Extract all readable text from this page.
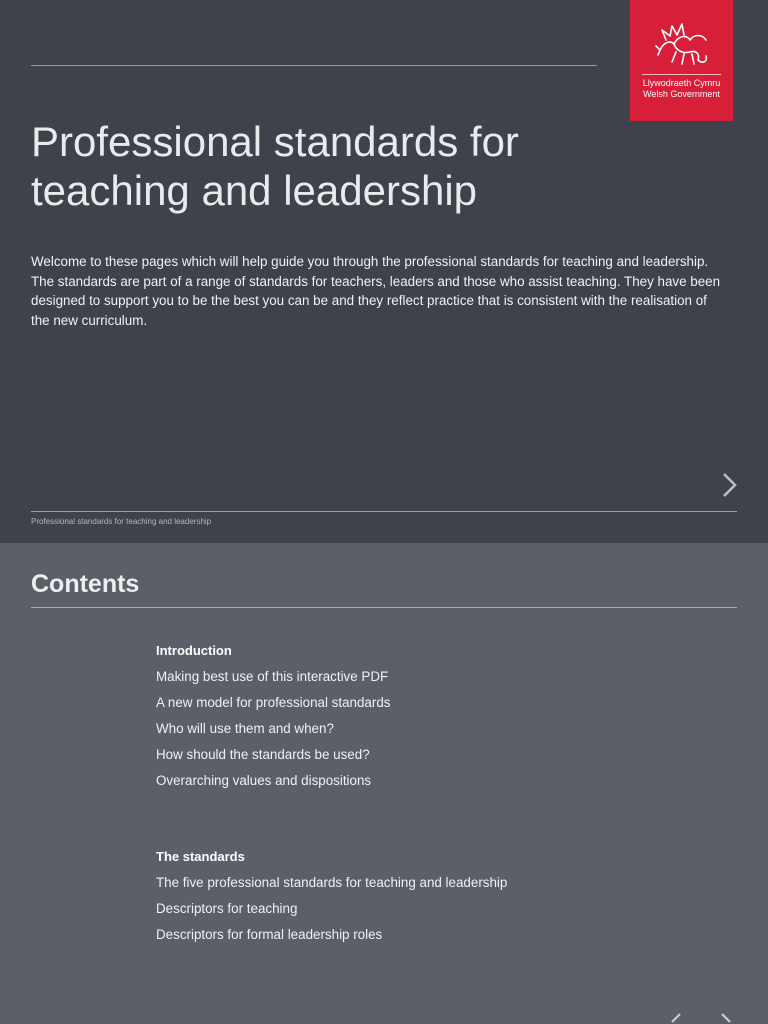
Llywodraeth Cymru
Welsh Government
Professional standards for teaching and leadership

Welcome to these pages which will help guide you through the professional standards for teaching and leadership. The standards are part of a range of standards for teachers, leaders and those who assist teaching. They have been designed to support you to be the best you can be and they reflect practice that is consistent with the realisation of the new curriculum.

Professional standards for teaching and leadership
Contents
Introduction
Making best use of this interactive PDF
A new model for professional standards
Who will use them and when?
How should the standards be used?
Overarching values and dispositions
The standards
The five professional standards for teaching and leadership
Descriptors for teaching
Descriptors for formal leadership roles
